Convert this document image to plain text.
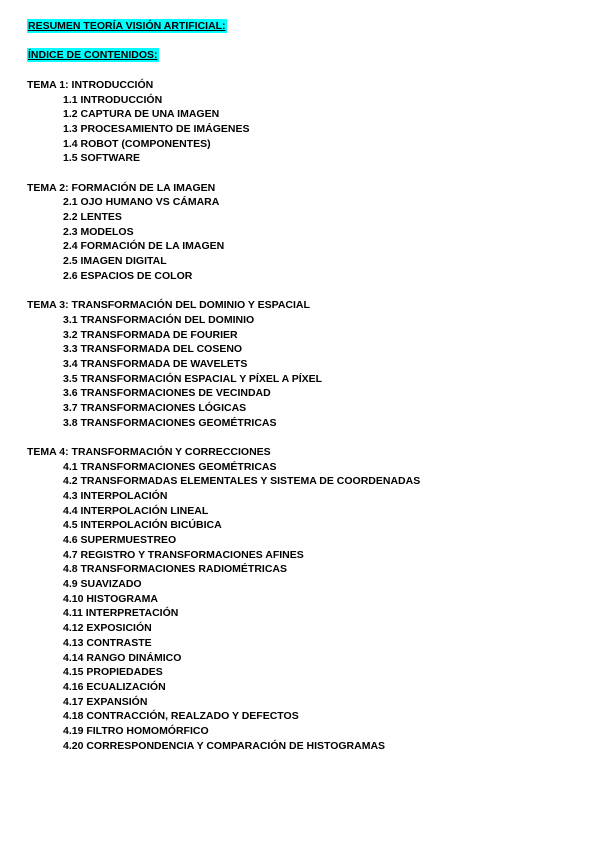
RESUMEN TEORÍA VISIÓN ARTIFICIAL:
ÍNDICE DE CONTENIDOS:
TEMA 1: INTRODUCCIÓN
1.1 INTRODUCCIÓN
1.2 CAPTURA DE UNA IMAGEN
1.3 PROCESAMIENTO DE IMÁGENES
1.4 ROBOT (COMPONENTES)
1.5 SOFTWARE
TEMA 2: FORMACIÓN DE LA IMAGEN
2.1 OJO HUMANO VS CÁMARA
2.2 LENTES
2.3 MODELOS
2.4 FORMACIÓN DE LA IMAGEN
2.5 IMAGEN DIGITAL
2.6 ESPACIOS DE COLOR
TEMA 3: TRANSFORMACIÓN DEL DOMINIO Y ESPACIAL
3.1 TRANSFORMACIÓN DEL DOMINIO
3.2 TRANSFORMADA DE FOURIER
3.3 TRANSFORMADA DEL COSENO
3.4 TRANSFORMADA DE WAVELETS
3.5 TRANSFORMACIÓN ESPACIAL Y PÍXEL A PÍXEL
3.6 TRANSFORMACIONES DE VECINDAD
3.7 TRANSFORMACIONES LÓGICAS
3.8 TRANSFORMACIONES GEOMÉTRICAS
TEMA 4: TRANSFORMACIÓN Y CORRECCIONES
4.1 TRANSFORMACIONES GEOMÉTRICAS
4.2 TRANSFORMADAS ELEMENTALES Y SISTEMA DE COORDENADAS
4.3 INTERPOLACIÓN
4.4 INTERPOLACIÓN LINEAL
4.5 INTERPOLACIÓN BICÚBICA
4.6 SUPERMUESTREO
4.7 REGISTRO Y TRANSFORMACIONES AFINES
4.8 TRANSFORMACIONES RADIOMÉTRICAS
4.9 SUAVIZADO
4.10 HISTOGRAMA
4.11 INTERPRETACIÓN
4.12 EXPOSICIÓN
4.13 CONTRASTE
4.14 RANGO DINÁMICO
4.15 PROPIEDADES
4.16 ECUALIZACIÓN
4.17 EXPANSIÓN
4.18 CONTRACCIÓN, REALZADO Y DEFECTOS
4.19 FILTRO HOMOMÓRFICO
4.20 CORRESPONDENCIA Y COMPARACIÓN DE HISTOGRAMAS
